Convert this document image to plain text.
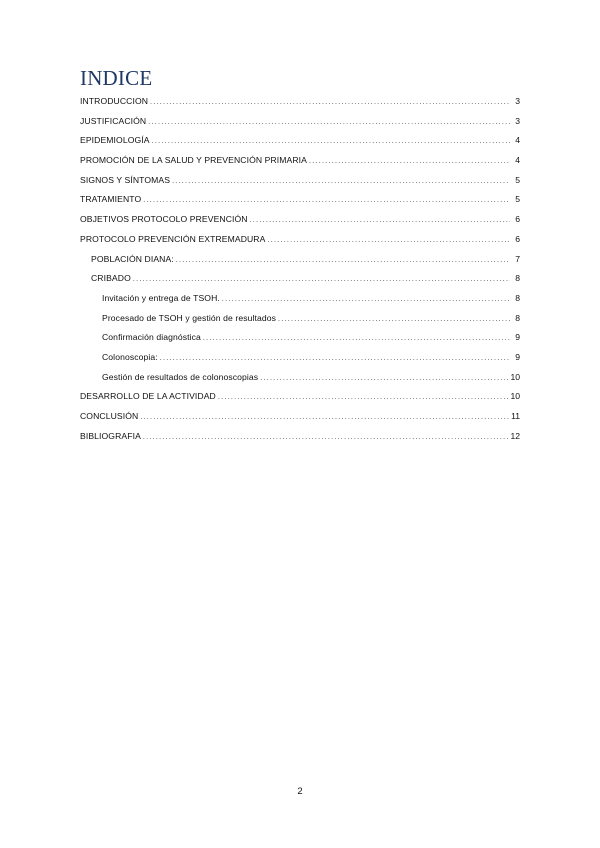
INDICE
INTRODUCCION .....	3
JUSTIFICACIÓN .....	3
EPIDEMIOLOGÍA .....	4
PROMOCIÓN DE LA SALUD Y PREVENCIÓN PRIMARIA .....	4
SIGNOS Y SÍNTOMAS .....	5
TRATAMIENTO .....	5
OBJETIVOS PROTOCOLO PREVENCIÓN .....	6
PROTOCOLO PREVENCIÓN EXTREMADURA .....	6
POBLACIÓN DIANA: .....	7
CRIBADO .....	8
Invitación y entrega de TSOH. .....	8
Procesado de TSOH y gestión de resultados .....	8
Confirmación diagnóstica .....	9
Colonoscopia: .....	9
Gestión de resultados de colonoscopias .....	10
DESARROLLO DE LA ACTIVIDAD .....	10
CONCLUSIÓN .....	11
BIBLIOGRAFIA .....	12
2
